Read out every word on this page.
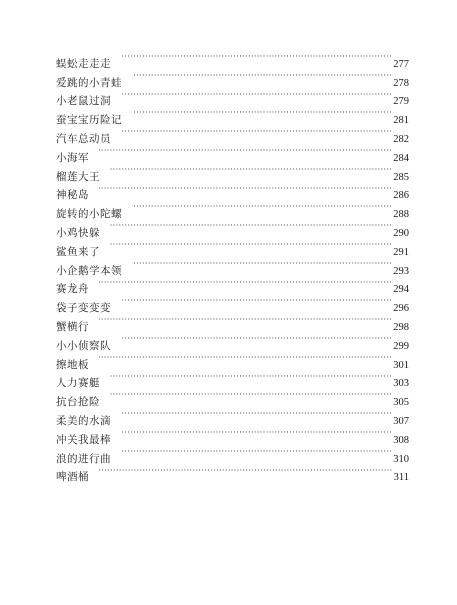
蜈蚣走走走 ·····	277
爱跳的小青蛙 ·····	278
小老鼠过洞 ·····	279
蚕宝宝历险记 ·····	281
汽车总动员 ·····	282
小海军 ·····	284
榴莲大王 ·····	285
神秘岛 ·····	286
旋转的小陀螺 ·····	288
小鸡快躲 ·····	290
鲨鱼来了 ·····	291
小企鹅学本领 ·····	293
赛龙舟 ·····	294
袋子变变变 ·····	296
蟹横行 ·····	298
小小侦察队 ·····	299
擦地板 ·····	301
人力赛艇 ·····	303
抗台抢险 ·····	305
柔美的水滴 ·····	307
冲关我最棒 ·····	308
浪的进行曲 ·····	310
啤酒桶 ·····	311
